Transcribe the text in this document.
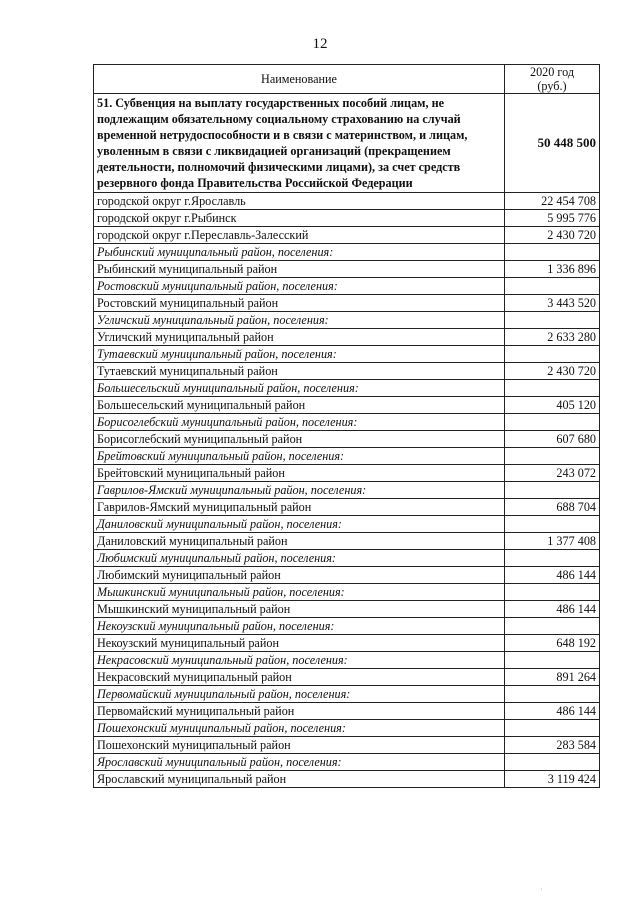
12
Наименование	2020 год
(руб.)

51. Субвенция на выплату государственных пособий лицам, не подлежащим обязательному социальному страхованию на случай временной нетрудоспособности и в связи с материнством, и лицам, уволенным в связи с ликвидацией организаций (прекращением деятельности, полномочий физическими лицами), за счет средств резервного фонда Правительства Российской Федерации	50 448 500
городской округ г.Ярославль	22 454 708
городской округ г.Рыбинск	5 995 776
городской округ г.Переславль-Залесский	2 430 720
Рыбинский муниципальный район, поселения:	
Рыбинский муниципальный район	1 336 896
Ростовский муниципальный район, поселения:	
Ростовский муниципальный район	3 443 520
Угличский муниципальный район, поселения:	
Угличский муниципальный район	2 633 280
Тутаевский муниципальный район, поселения:	
Тутаевский муниципальный район	2 430 720
Большесельский муниципальный район, поселения:	
Большесельский муниципальный район	405 120
Борисоглебский муниципальный район, поселения:	
Борисоглебский муниципальный район	607 680
Брейтовский муниципальный район, поселения:	
Брейтовский муниципальный район	243 072
Гаврилов-Ямский муниципальный район, поселения:	
Гаврилов-Ямский муниципальный район	688 704
Даниловский муниципальный район, поселения:	
Даниловский муниципальный район	1 377 408
Любимский муниципальный район, поселения:	
Любимский муниципальный район	486 144
Мышкинский муниципальный район, поселения:	
Мышкинский муниципальный район	486 144
Некоузский муниципальный район, поселения:	
Некоузский муниципальный район	648 192
Некрасовский муниципальный район, поселения:	
Некрасовский муниципальный район	891 264
Первомайский муниципальный район, поселения:	
Первомайский муниципальный район	486 144
Пошехонский муниципальный район, поселения:	
Пошехонский муниципальный район	283 584
Ярославский муниципальный район, поселения:	
Ярославский муниципальный район	3 119 424
·
